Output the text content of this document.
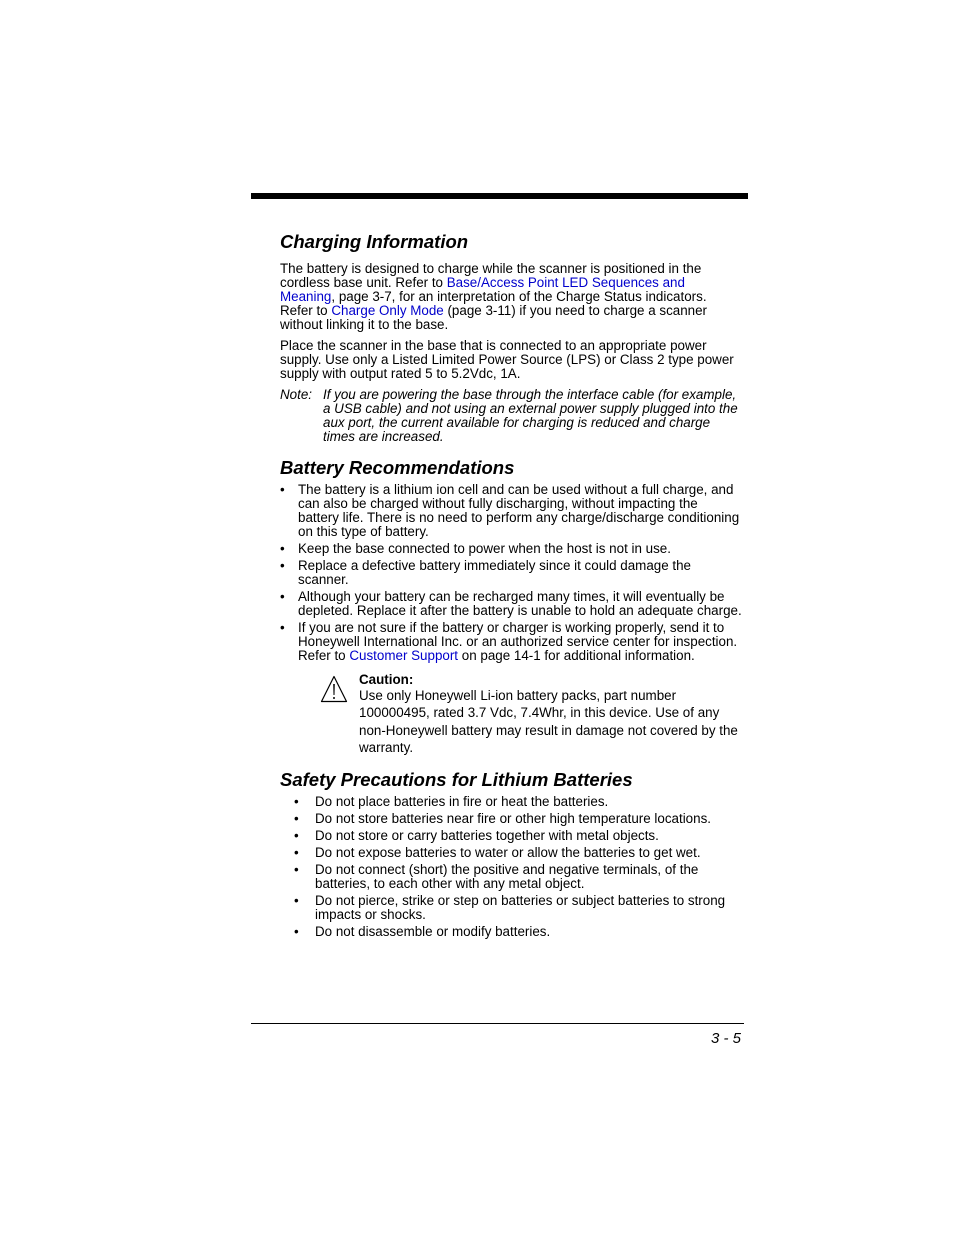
Charging Information

The battery is designed to charge while the scanner is positioned in the cordless base unit. Refer to Base/Access Point LED Sequences and Meaning, page 3-7, for an interpretation of the Charge Status indicators. Refer to Charge Only Mode (page 3-11) if you need to charge a scanner without linking it to the base.

Place the scanner in the base that is connected to an appropriate power supply. Use only a Listed Limited Power Source (LPS) or Class 2 type power supply with output rated 5 to 5.2Vdc, 1A.

Note: If you are powering the base through the interface cable (for example, a USB cable) and not using an external power supply plugged into the aux port, the current available for charging is reduced and charge times are increased.
Battery Recommendations
• The battery is a lithium ion cell and can be used without a full charge, and can also be charged without fully discharging, without impacting the battery life. There is no need to perform any charge/discharge conditioning on this type of battery.
• Keep the base connected to power when the host is not in use.
• Replace a defective battery immediately since it could damage the scanner.
• Although your battery can be recharged many times, it will eventually be depleted. Replace it after the battery is unable to hold an adequate charge.
• If you are not sure if the battery or charger is working properly, send it to Honeywell International Inc. or an authorized service center for inspection. Refer to Customer Support on page 14-1 for additional information.
Caution:
Use only Honeywell Li-ion battery packs, part number 100000495, rated 3.7 Vdc, 7.4Whr, in this device. Use of any non-Honeywell battery may result in damage not covered by the warranty.
Safety Precautions for Lithium Batteries
• Do not place batteries in fire or heat the batteries.
• Do not store batteries near fire or other high temperature locations.
• Do not store or carry batteries together with metal objects.
• Do not expose batteries to water or allow the batteries to get wet.
• Do not connect (short) the positive and negative terminals, of the batteries, to each other with any metal object.
• Do not pierce, strike or step on batteries or subject batteries to strong impacts or shocks.
• Do not disassemble or modify batteries.
3 - 5
